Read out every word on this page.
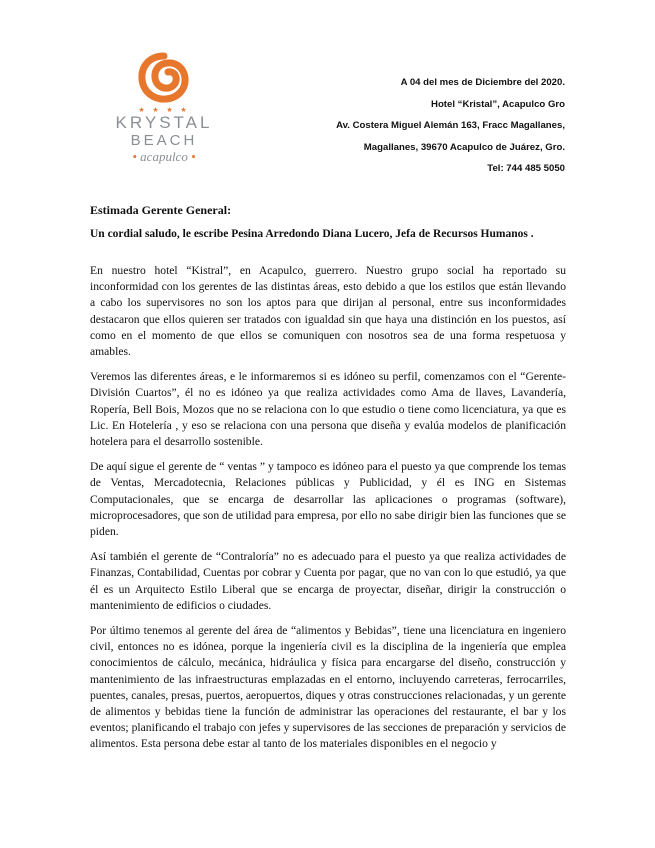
★ ★ ★ ★
KRYSTAL
BEACH
• acapulco •
A 04 del mes de Diciembre del 2020.
Hotel “Kristal”, Acapulco Gro
Av. Costera Miguel Alemán 163, Fracc Magallanes,
Magallanes, 39670 Acapulco de Juárez, Gro.
Tel: 744 485 5050
Estimada Gerente General:
Un cordial saludo, le escribe Pesina Arredondo Diana Lucero, Jefa de Recursos Humanos .

En nuestro hotel “Kistral”, en Acapulco, guerrero. Nuestro grupo social ha reportado su inconformidad con los gerentes de las distintas áreas, esto debido a que los estilos que están llevando a cabo los supervisores no son los aptos para que dirijan al personal, entre sus inconformidades destacaron que ellos quieren ser tratados con igualdad sin que haya una distinción en los puestos, así como en el momento de que ellos se comuniquen con nosotros sea de una forma respetuosa y amables.

Veremos las diferentes áreas, e le informaremos si es idóneo su perfil, comenzamos con el “Gerente-División Cuartos”, él no es idóneo ya que realiza actividades como Ama de llaves, Lavandería, Ropería, Bell Bois, Mozos que no se relaciona con lo que estudio o tiene como licenciatura, ya que es Lic. En Hotelería , y eso se relaciona con una persona que diseña y evalúa modelos de planificación hotelera para el desarrollo sostenible.

De aquí sigue el gerente de “ ventas ” y tampoco es idóneo para el puesto ya que comprende los temas de Ventas, Mercadotecnia, Relaciones públicas y Publicidad, y él es ING en Sistemas Computacionales, que se encarga de desarrollar las aplicaciones o programas (software), microprocesadores, que son de utilidad para empresa, por ello no sabe dirigir bien las funciones que se piden.

Así también el gerente de “Contraloría” no es adecuado para el puesto ya que realiza actividades de Finanzas, Contabilidad, Cuentas por cobrar y Cuenta por pagar, que no van con lo que estudió, ya que él es un Arquitecto Estilo Liberal que se encarga de proyectar, diseñar, dirigir la construcción o mantenimiento de edificios o ciudades.

Por último tenemos al gerente del área de “alimentos y Bebidas”, tiene una licenciatura en ingeniero civil, entonces no es idónea, porque la ingeniería civil es la disciplina de la ingeniería que emplea conocimientos de cálculo, mecánica, hidráulica y física para encargarse del diseño, construcción y mantenimiento de las infraestructuras emplazadas en el entorno, incluyendo carreteras, ferrocarriles, puentes, canales, presas, puertos, aeropuertos, diques y otras construcciones relacionadas, y un gerente de alimentos y bebidas tiene la función de administrar las operaciones del restaurante, el bar y los eventos; planificando el trabajo con jefes y supervisores de las secciones de preparación y servicios de alimentos. Esta persona debe estar al tanto de los materiales disponibles en el negocio y
